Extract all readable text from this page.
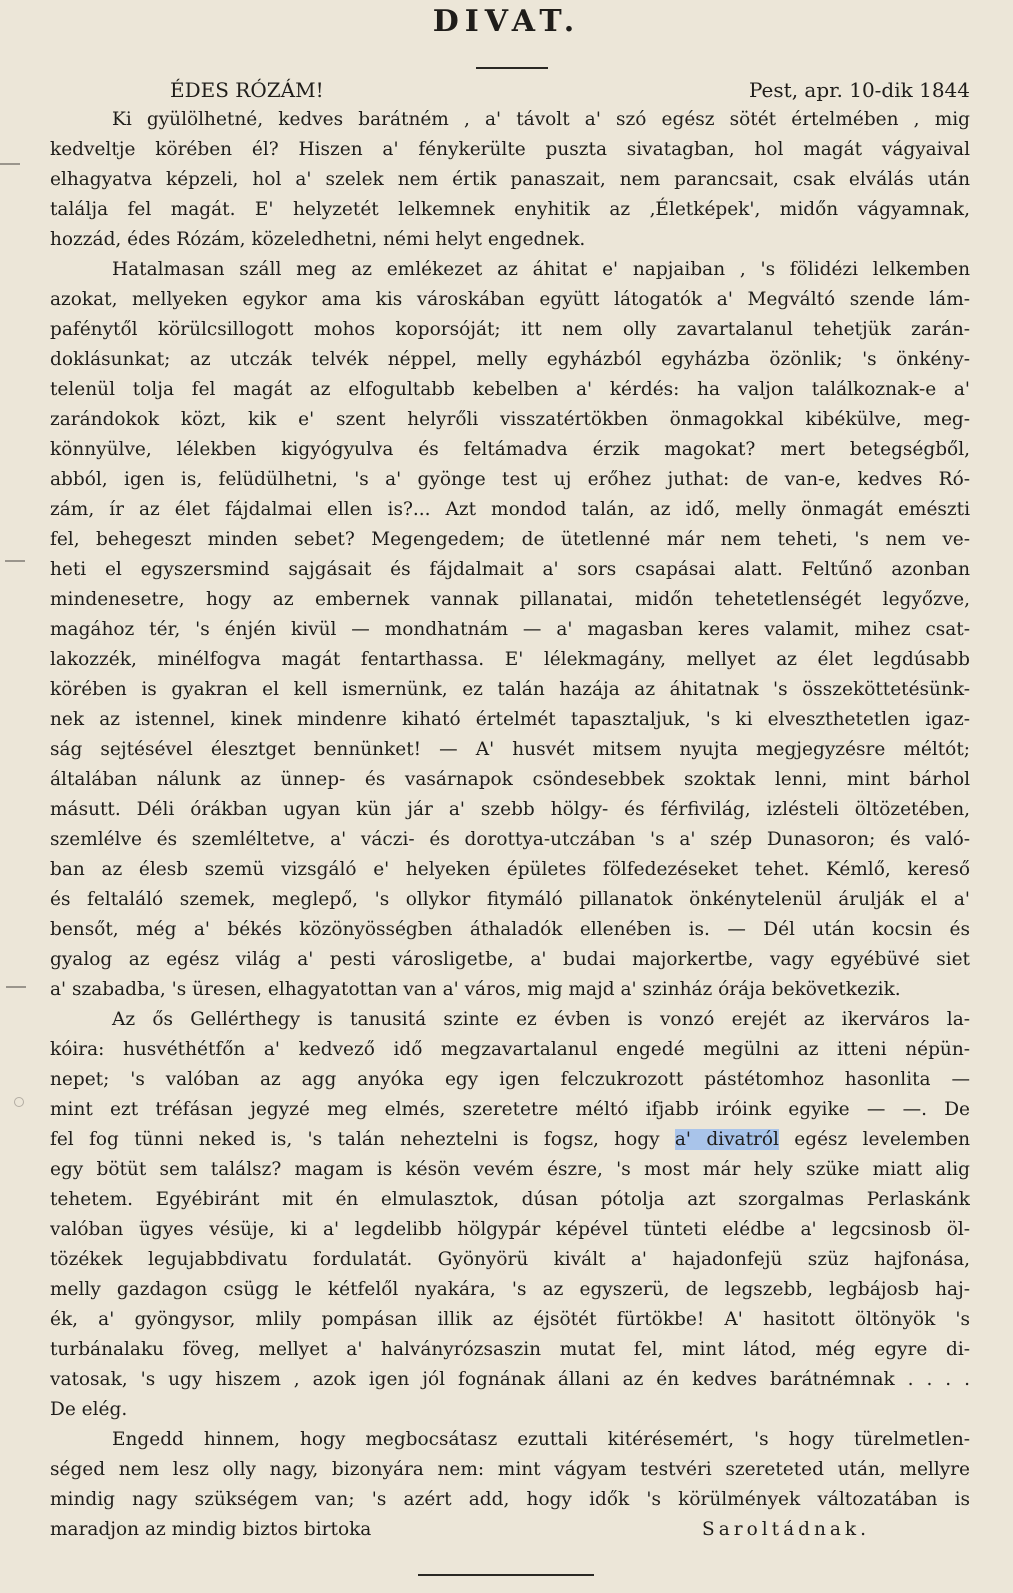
DIVAT.
ÉDES RÓZÁM!	Pest, apr. 10-dik 1844
Ki gyülölhetné, kedves barátném , a' távolt a' szó egész sötét értelmében , mig
kedveltje körében él? Hiszen a' fénykerülte puszta sivatagban, hol magát vágyaival
elhagyatva képzeli, hol a' szelek nem értik panaszait, nem parancsait, csak elválás után
találja fel magát. E' helyzetét lelkemnek enyhitik az ‚Életképek', midőn vágyamnak,
hozzád, édes Rózám, közeledhetni, némi helyt engednek.
Hatalmasan száll meg az emlékezet az áhitat e' napjaiban , 's fölidézi lelkemben
azokat, mellyeken egykor ama kis városkában együtt látogatók a' Megváltó szende lám-
pafénytől körülcsillogott mohos koporsóját; itt nem olly zavartalanul tehetjük zarán-
doklásunkat; az utczák telvék néppel, melly egyházból egyházba özönlik; 's önkény-
telenül tolja fel magát az elfogultabb kebelben a' kérdés: ha valjon találkoznak-e a'
zarándokok közt, kik e' szent helyrőli visszatértökben önmagokkal kibékülve, meg-
könnyülve, lélekben kigyógyulva és feltámadva érzik magokat? mert betegségből,
abból, igen is, felüdülhetni, 's a' gyönge test uj erőhez juthat: de van-e, kedves Ró-
zám, ír az élet fájdalmai ellen is?... Azt mondod talán, az idő, melly önmagát emészti
fel, behegeszt minden sebet? Megengedem; de ütetlenné már nem teheti, 's nem ve-
heti el egyszersmind sajgásait és fájdalmait a' sors csapásai alatt. Feltűnő azonban
mindenesetre, hogy az embernek vannak pillanatai, midőn tehetetlenségét legyőzve,
magához tér, 's énjén kivül — mondhatnám — a' magasban keres valamit, mihez csat-
lakozzék, minélfogva magát fentarthassa. E' lélekmagány, mellyet az élet legdúsabb
körében is gyakran el kell ismernünk, ez talán hazája az áhitatnak 's összeköttetésünk-
nek az istennel, kinek mindenre kiható értelmét tapasztaljuk, 's ki elveszthetetlen igaz-
ság sejtésével élesztget bennünket! — A' husvét mitsem nyujta megjegyzésre méltót;
általában nálunk az ünnep- és vasárnapok csöndesebbek szoktak lenni, mint bárhol
másutt. Déli órákban ugyan kün jár a' szebb hölgy- és férfivilág, izlésteli öltözetében,
szemlélve és szemléltetve, a' váczi- és dorottya-utczában 's a' szép Dunasoron; és való-
ban az élesb szemü vizsgáló e' helyeken épületes fölfedezéseket tehet. Kémlő, kereső
és feltaláló szemek, meglepő, 's ollykor fitymáló pillanatok önkénytelenül árulják el a'
bensőt, még a' békés közönyösségben áthaladók ellenében is. — Dél után kocsin és
gyalog az egész világ a' pesti városligetbe, a' budai majorkertbe, vagy egyébüvé siet
a' szabadba, 's üresen, elhagyatottan van a' város, mig majd a' szinház órája bekövetkezik.
Az ős Gellérthegy is tanusitá szinte ez évben is vonzó erejét az ikerváros la-
kóira: husvéthétfőn a' kedvező idő megzavartalanul engedé megülni az itteni népün-
nepet; 's valóban az agg anyóka egy igen felczukrozott pástétomhoz hasonlita —
mint ezt tréfásan jegyzé meg elmés, szeretetre méltó ifjabb iróink egyike — —. De
fel fog tünni neked is, 's talán neheztelni is fogsz, hogy a' divatról egész levelemben
egy bötüt sem találsz? magam is késön vevém észre, 's most már hely szüke miatt alig
tehetem. Egyébiránt mit én elmulasztok, dúsan pótolja azt szorgalmas Perlaskánk
valóban ügyes vésüje, ki a' legdelibb hölgypár képével tünteti elédbe a' legcsinosb öl-
tözékek legujabbdivatu fordulatát. Gyönyörü kivált a' hajadonfejü szüz hajfonása,
melly gazdagon csügg le kétfelől nyakára, 's az egyszerü, de legszebb, legbájosb haj-
ék, a' gyöngysor, mlily pompásan illik az éjsötét fürtökbe! A' hasitott öltönyök 's
turbánalaku föveg, mellyet a' halványrózsaszin mutat fel, mint látod, még egyre di-
vatosak, 's ugy hiszem , azok igen jól fognának állani az én kedves barátnémnak . . . .
De elég.
Engedd hinnem, hogy megbocsátasz ezuttali kitérésemért, 's hogy türelmetlen-
séged nem lesz olly nagy, bizonyára nem: mint vágyam testvéri szereteted után, mellyre
mindig nagy szükségem van; 's azért add, hogy idők 's körülmények változatában is
maradjon az mindig biztos birtoka	Saroltádnak.
